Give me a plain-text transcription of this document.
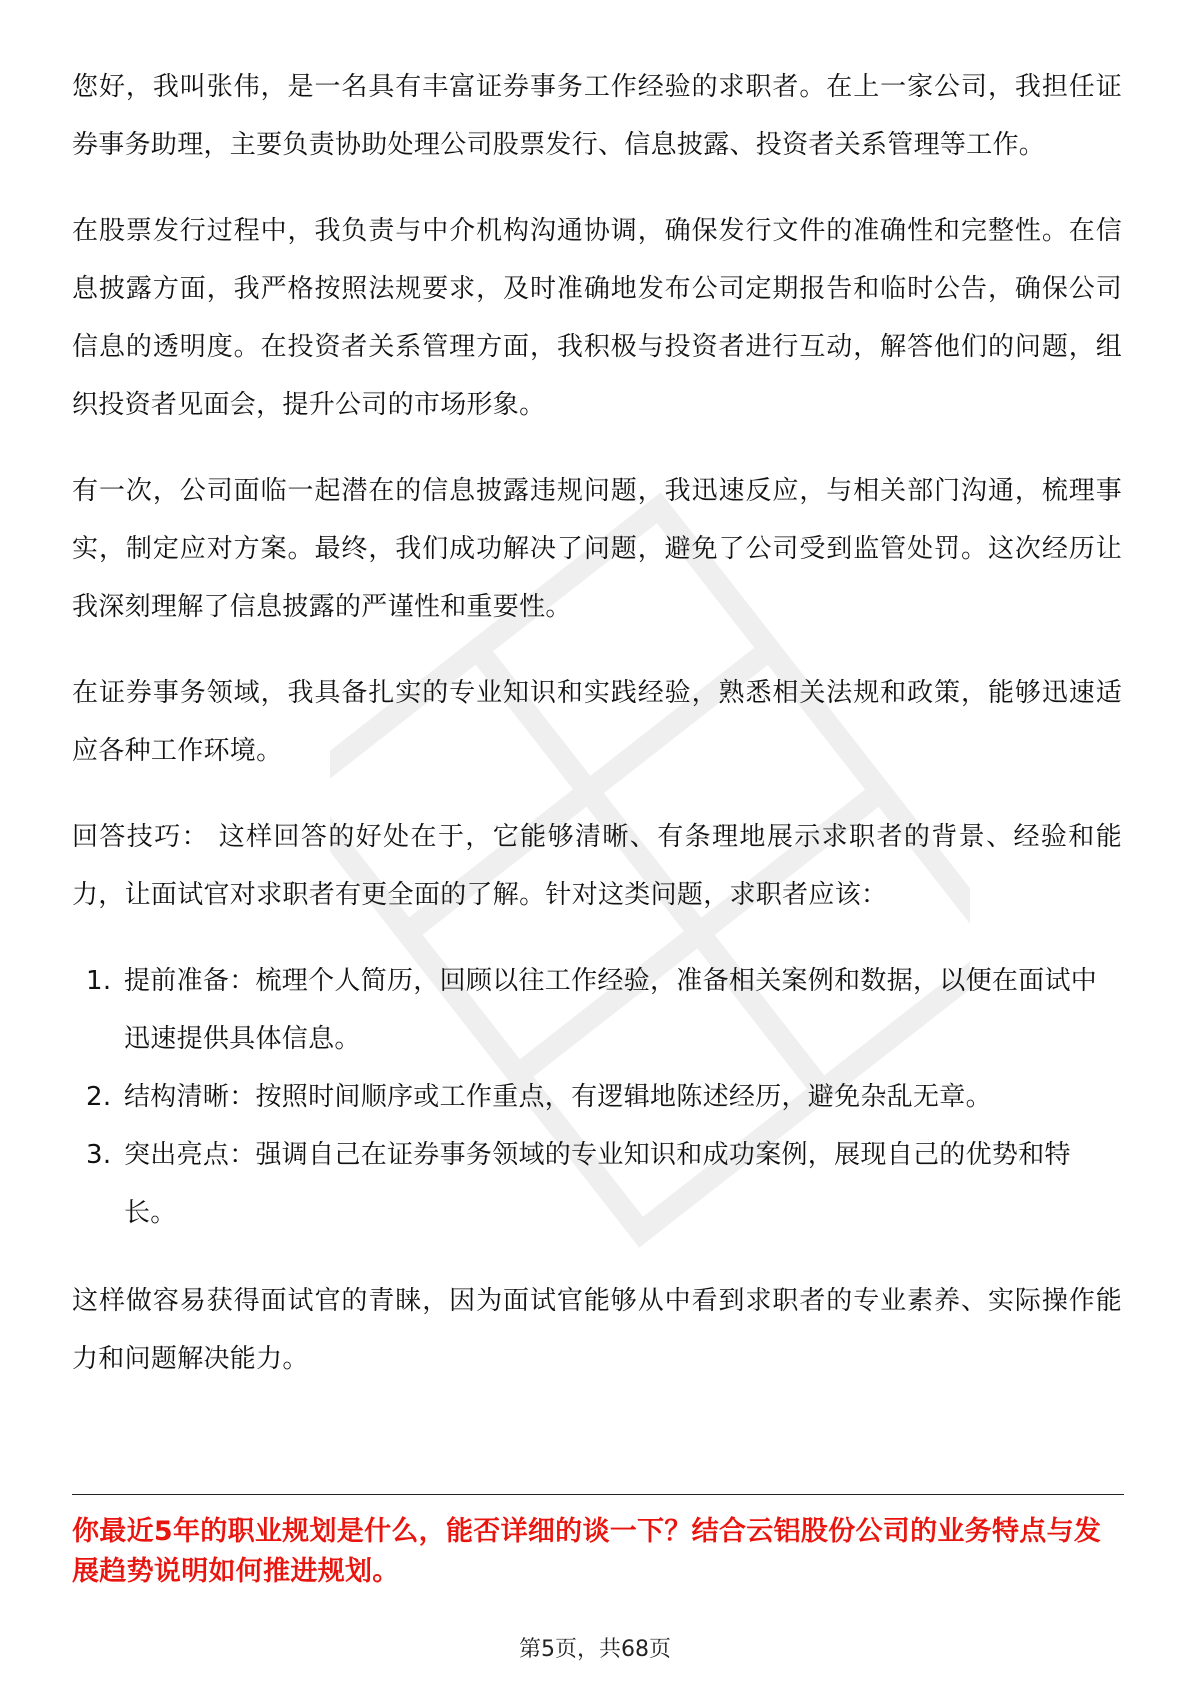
您好，我叫张伟，是一名具有丰富证券事务工作经验的求职者。在上一家公司，我担任证券事务助理，主要负责协助处理公司股票发行、信息披露、投资者关系管理等工作。

在股票发行过程中，我负责与中介机构沟通协调，确保发行文件的准确性和完整性。在信息披露方面，我严格按照法规要求，及时准确地发布公司定期报告和临时公告，确保公司信息的透明度。在投资者关系管理方面，我积极与投资者进行互动，解答他们的问题，组织投资者见面会，提升公司的市场形象。

有一次，公司面临一起潜在的信息披露违规问题，我迅速反应，与相关部门沟通，梳理事实，制定应对方案。最终，我们成功解决了问题，避免了公司受到监管处罚。这次经历让我深刻理解了信息披露的严谨性和重要性。

在证券事务领域，我具备扎实的专业知识和实践经验，熟悉相关法规和政策，能够迅速适应各种工作环境。

回答技巧： 这样回答的好处在于，它能够清晰、有条理地展示求职者的背景、经验和能力，让面试官对求职者有更全面的了解。针对这类问题，求职者应该：

1. 提前准备：梳理个人简历，回顾以往工作经验，准备相关案例和数据，以便在面试中迅速提供具体信息。
2. 结构清晰：按照时间顺序或工作重点，有逻辑地陈述经历，避免杂乱无章。
3. 突出亮点：强调自己在证券事务领域的专业知识和成功案例，展现自己的优势和特长。

这样做容易获得面试官的青睐，因为面试官能够从中看到求职者的专业素养、实际操作能力和问题解决能力。

你最近5年的职业规划是什么，能否详细的谈一下？结合云铝股份公司的业务特点与发展趋势说明如何推进规划。
第5页，共68页
